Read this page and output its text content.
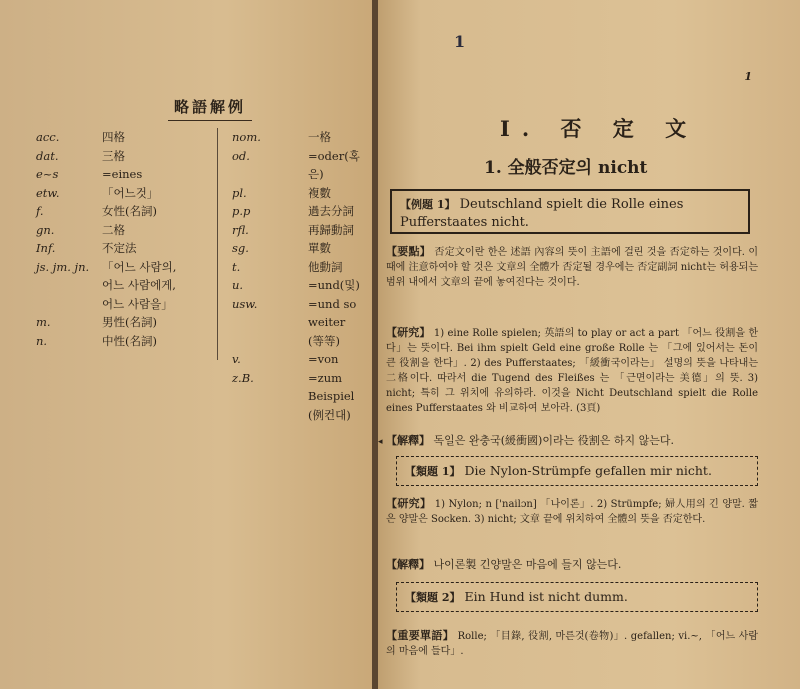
略語解例
acc.	四格
dat.	三格
e~s	=eines
etw.	「어느것」
f.	女性(名詞)
gn.	二格
Inf.	不定法
js. jm. jn.	「어느 사람의,
어느 사람에게,
어느 사람을」
m.	男性(名詞)
n.	中性(名詞)
nom.	一格
od.	=oder(혹은)
pl.	複數
p.p	過去分詞
rfl.	再歸動詞
sg.	單數
t.	他動詞
u.	=und(및)
usw.	=und so weiter
(等等)
v.	=von
z.B.	=zum Beispiel
(例컨대)
1
1
I. 否 定 文
1. 全般否定의 nicht
【例題 1】 Deutschland spielt die Rolle eines Pufferstaates nicht.
【要點】 否定文이란 한은 述語 內容의 뜻이 主語에 걸린 것을 否定하는 것이다. 이 때에 注意하여야 할 것은 文章의 全體가 否定될 경우에는 否定副詞 nicht는 허용되는 범위 내에서 文章의 끝에 놓여진다는 것이다.
【研究】 1) eine Rolle spielen; 英語의 to play or act a part 「어느 役割을 한다」는 뜻이다. Bei ihm spielt Geld eine große Rolle 는 「그에 있어서는 돈이 큰 役割을 한다」. 2) des Pufferstaates; 「緩衝국이라는」 설명의 뜻을 나타내는 二格이다. 따라서 die Tugend des Fleißes 는 「근면이라는 美德」의 뜻. 3) nicht; 특히 그 위치에 유의하라. 이것을 Nicht Deutschland spielt die Rolle eines Pufferstaates 와 비교하여 보아라. (3頁)
◂ 【解釋】 독일은 완충국(緩衝國)이라는 役割은 하지 않는다.
【類題 1】 Die Nylon-Strümpfe gefallen mir nicht.
【研究】 1) Nylon; n ['nailɔn] 「나이론」. 2) Strümpfe; 婦人用의 긴 양말. 짧은 양말은 Socken. 3) nicht; 文章 끝에 위치하여 全體의 뜻을 否定한다.
【解釋】 나이론製 긴양말은 마음에 들지 않는다.
【類題 2】 Ein Hund ist nicht dumm.
【重要單語】 Rolle; 「目錄, 役割, 마른것(卷物)」. gefallen; vi.~, 「어느 사람의 마음에 들다」.
